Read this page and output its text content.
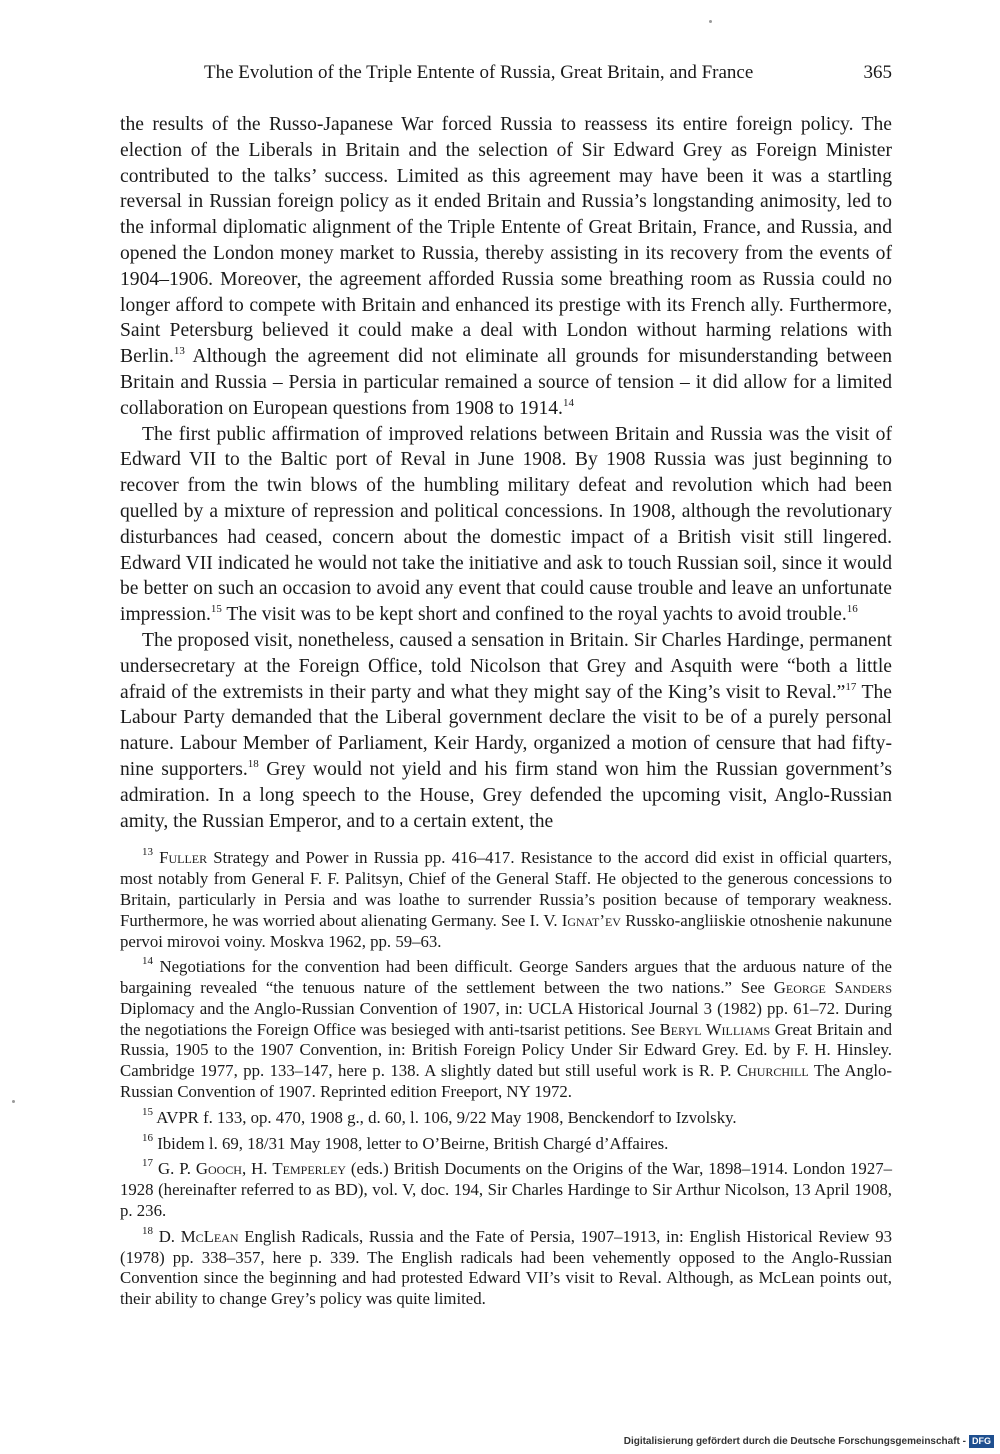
The Evolution of the Triple Entente of Russia, Great Britain, and France	365

the results of the Russo-Japanese War forced Russia to reassess its entire foreign policy. The election of the Liberals in Britain and the selection of Sir Edward Grey as Foreign Minister contributed to the talks’ success. Limited as this agreement may have been it was a startling reversal in Russian foreign policy as it ended Britain and Russia’s longstanding animosity, led to the informal diplomatic alignment of the Triple Entente of Great Britain, France, and Russia, and opened the London money market to Russia, thereby assisting in its recovery from the events of 1904–1906. Moreover, the agreement afforded Russia some breathing room as Russia could no longer afford to compete with Britain and enhanced its prestige with its French ally. Furthermore, Saint Petersburg believed it could make a deal with London without harming relations with Berlin.$^{13}$ Although the agreement did not eliminate all grounds for misunderstanding between Britain and Russia – Persia in particular remained a source of tension – it did allow for a limited collaboration on European questions from 1908 to 1914.14

The first public affirmation of improved relations between Britain and Russia was the visit of Edward VII to the Baltic port of Reval in June 1908. By 1908 Russia was just beginning to recover from the twin blows of the humbling military defeat and revolution which had been quelled by a mixture of repression and political concessions. In 1908, although the revolutionary disturbances had ceased, concern about the domestic impact of a British visit still lingered. Edward VII indicated he would not take the initiative and ask to touch Russian soil, since it would be better on such an occasion to avoid any event that could cause trouble and leave an unfortunate impression.$^{15}$ The visit was to be kept short and confined to the royal yachts to avoid trouble.$^{16}$

The proposed visit, nonetheless, caused a sensation in Britain. Sir Charles Hardinge, permanent undersecretary at the Foreign Office, told Nicolson that Grey and Asquith were “both a little afraid of the extremists in their party and what they might say of the King’s visit to Reval.”$^{17}$ The Labour Party demanded that the Liberal government declare the visit to be of a purely personal nature. Labour Member of Parliament, Keir Hardy, organized a motion of censure that had fifty-nine supporters.$^{18}$ Grey would not yield and his firm stand won him the Russian government’s admiration. In a long speech to the House, Grey defended the upcoming visit, Anglo-Russian amity, the Russian Emperor, and to a certain extent, the

$^{13}$ Fuller Strategy and Power in Russia pp. 416–417. Resistance to the accord did exist in official quarters, most notably from General F. F. Palitsyn, Chief of the General Staff. He objected to the generous concessions to Britain, particularly in Persia and was loathe to surrender Russia’s position because of temporary weakness. Furthermore, he was worried about alienating Germany. See I. V. Ignat’ev Russko-angliiskie otnoshenie nakunune pervoi mirovoi voiny. Moskva 1962, pp. 59–63.

$^{14}$ Negotiations for the convention had been difficult. George Sanders argues that the arduous nature of the bargaining revealed “the tenuous nature of the settlement between the two nations.” See George Sanders Diplomacy and the Anglo-Russian Convention of 1907, in: UCLA Historical Journal 3 (1982) pp. 61–72. During the negotiations the Foreign Office was besieged with anti-tsarist petitions. See Beryl Williams Great Britain and Russia, 1905 to the 1907 Convention, in: British Foreign Policy Under Sir Edward Grey. Ed. by F. H. Hinsley. Cambridge 1977, pp. 133–147, here p. 138. A slightly dated but still useful work is R. P. Churchill The Anglo-Russian Convention of 1907. Reprinted edition Freeport, NY 1972.

$^{15}$ AVPR f. 133, op. 470, 1908 g., d. 60, l. 106, 9/22 May 1908, Benckendorf to Izvolsky.

$^{16}$ Ibidem l. 69, 18/31 May 1908, letter to O’Beirne, British Chargé d’Affaires.

$^{17}$ G. P. Gooch, H. Temperley (eds.) British Documents on the Origins of the War, 1898–1914. London 1927–1928 (hereinafter referred to as BD), vol. V, doc. 194, Sir Charles Hardinge to Sir Arthur Nicolson, 13 April 1908, p. 236.

$^{18}$ D. McLean English Radicals, Russia and the Fate of Persia, 1907–1913, in: English Historical Review 93 (1978) pp. 338–357, here p. 339. The English radicals had been vehemently opposed to the Anglo-Russian Convention since the beginning and had protested Edward VII’s visit to Reval. Although, as McLean points out, their ability to change Grey’s policy was quite limited.

Digitalisierung gefördert durch die Deutsche Forschungsgemeinschaft - DFG
